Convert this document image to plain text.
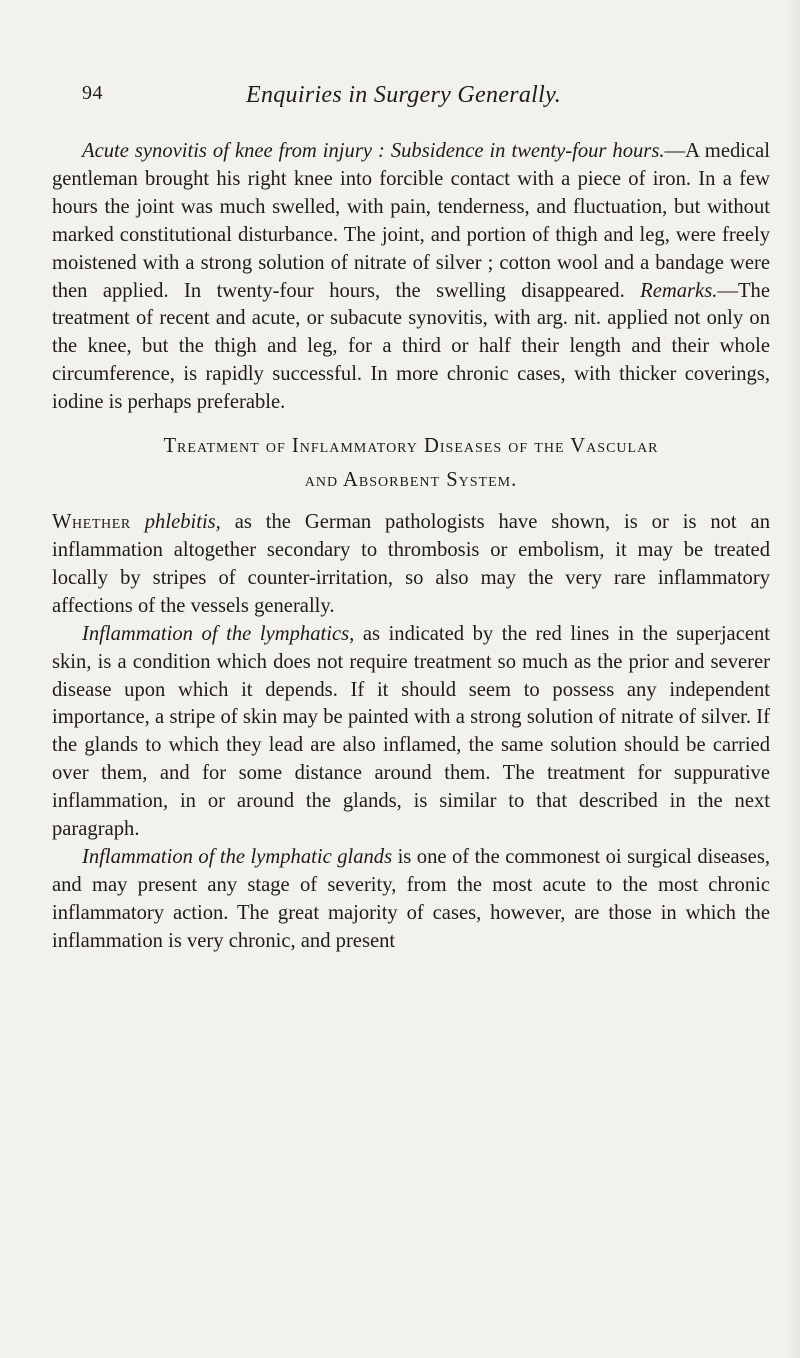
94	Enquiries in Surgery Generally.

Acute synovitis of knee from injury : Subsidence in twenty-four hours.—A medical gentleman brought his right knee into forcible contact with a piece of iron. In a few hours the joint was much swelled, with pain, tenderness, and fluctuation, but without marked constitutional disturbance. The joint, and portion of thigh and leg, were freely moistened with a strong solution of nitrate of silver ; cotton wool and a bandage were then applied. In twenty-four hours, the swelling disappeared. Remarks.—The treatment of recent and acute, or subacute synovitis, with arg. nit. applied not only on the knee, but the thigh and leg, for a third or half their length and their whole circumference, is rapidly successful. In more chronic cases, with thicker coverings, iodine is perhaps preferable.

Treatment of Inflammatory Diseases of the Vascular
and Absorbent System.

Whether phlebitis, as the German pathologists have shown, is or is not an inflammation altogether secondary to thrombosis or embolism, it may be treated locally by stripes of counter-irritation, so also may the very rare inflammatory affections of the vessels generally.

Inflammation of the lymphatics, as indicated by the red lines in the superjacent skin, is a condition which does not require treatment so much as the prior and severer disease upon which it depends. If it should seem to possess any independent importance, a stripe of skin may be painted with a strong solution of nitrate of silver. If the glands to which they lead are also inflamed, the same solution should be carried over them, and for some distance around them. The treatment for suppurative inflammation, in or around the glands, is similar to that described in the next paragraph.

Inflammation of the lymphatic glands is one of the commonest oi surgical diseases, and may present any stage of severity, from the most acute to the most chronic inflammatory action. The great majority of cases, however, are those in which the inflammation is very chronic, and present
